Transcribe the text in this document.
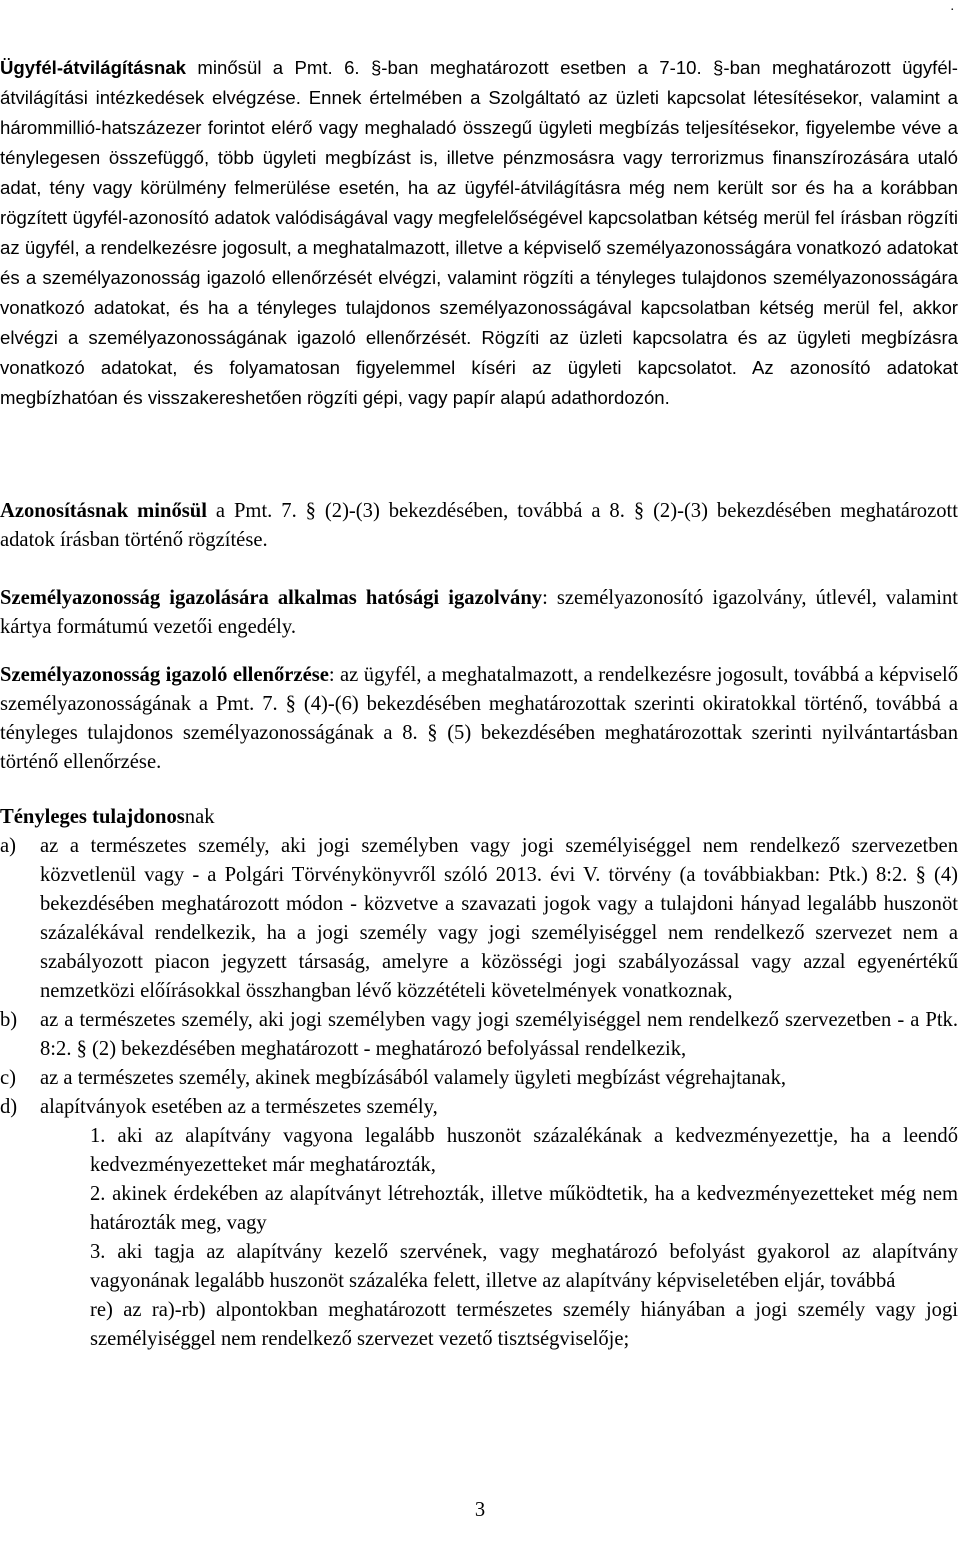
.

Ügyfél-átvilágításnak minősül a Pmt. 6. §-ban meghatározott esetben a 7-10. §-ban meghatározott ügyfél-átvilágítási intézkedések elvégzése. Ennek értelmében a Szolgáltató az üzleti kapcsolat létesítésekor, valamint a hárommillió-hatszázezer forintot elérő vagy meghaladó összegű ügyleti megbízás teljesítésekor, figyelembe véve a ténylegesen összefüggő, több ügyleti megbízást is, illetve pénzmosásra vagy terrorizmus finanszírozására utaló adat, tény vagy körülmény felmerülése esetén, ha az ügyfél-átvilágításra még nem került sor és ha a korábban rögzített ügyfél-azonosító adatok valódiságával vagy megfelelőségével kapcsolatban kétség merül fel írásban rögzíti az ügyfél, a rendelkezésre jogosult, a meghatalmazott, illetve a képviselő személyazonosságára vonatkozó adatokat és a személyazonosság igazoló ellenőrzését elvégzi, valamint rögzíti a tényleges tulajdonos személyazonosságára vonatkozó adatokat, és ha a tényleges tulajdonos személyazonosságával kapcsolatban kétség merül fel, akkor elvégzi a személyazonosságának igazoló ellenőrzését. Rögzíti az üzleti kapcsolatra és az ügyleti megbízásra vonatkozó adatokat, és folyamatosan figyelemmel kíséri az ügyleti kapcsolatot. Az azonosító adatokat megbízhatóan és visszakereshetően rögzíti gépi, vagy papír alapú adathordozón.

Azonosításnak minősül a Pmt. 7. § (2)-(3) bekezdésében, továbbá a 8. § (2)-(3) bekezdésében meghatározott adatok írásban történő rögzítése.

Személyazonosság igazolására alkalmas hatósági igazolvány: személyazonosító igazolvány, útlevél, valamint kártya formátumú vezetői engedély.

Személyazonosság igazoló ellenőrzése: az ügyfél, a meghatalmazott, a rendelkezésre jogosult, továbbá a képviselő személyazonosságának a Pmt. 7. § (4)-(6) bekezdésében meghatározottak szerinti okiratokkal történő, továbbá a tényleges tulajdonos személyazonosságának a 8. § (5) bekezdésében meghatározottak szerinti nyilvántartásban történő ellenőrzése.

Tényleges tulajdonosnak

a) az a természetes személy, aki jogi személyben vagy jogi személyiséggel nem rendelkező szervezetben közvetlenül vagy - a Polgári Törvénykönyvről szóló 2013. évi V. törvény (a továbbiakban: Ptk.) 8:2. § (4) bekezdésében meghatározott módon - közvetve a szavazati jogok vagy a tulajdoni hányad legalább huszonöt százalékával rendelkezik, ha a jogi személy vagy jogi személyiséggel nem rendelkező szervezet nem a szabályozott piacon jegyzett társaság, amelyre a közösségi jogi szabályozással vagy azzal egyenértékű nemzetközi előírásokkal összhangban lévő közzétételi követelmények vonatkoznak,

b) az a természetes személy, aki jogi személyben vagy jogi személyiséggel nem rendelkező szervezetben - a Ptk. 8:2. § (2) bekezdésében meghatározott - meghatározó befolyással rendelkezik,

c) az a természetes személy, akinek megbízásából valamely ügyleti megbízást végrehajtanak,

d) alapítványok esetében az a természetes személy,

1. aki az alapítvány vagyona legalább huszonöt százalékának a kedvezményezettje, ha a leendő kedvezményezetteket már meghatározták,

2. akinek érdekében az alapítványt létrehozták, illetve működtetik, ha a kedvezményezetteket még nem határozták meg, vagy

3. aki tagja az alapítvány kezelő szervének, vagy meghatározó befolyást gyakorol az alapítvány vagyonának legalább huszonöt százaléka felett, illetve az alapítvány képviseletében eljár, továbbá

re) az ra)-rb) alpontokban meghatározott természetes személy hiányában a jogi személy vagy jogi személyiséggel nem rendelkező szervezet vezető tisztségviselője;

3
